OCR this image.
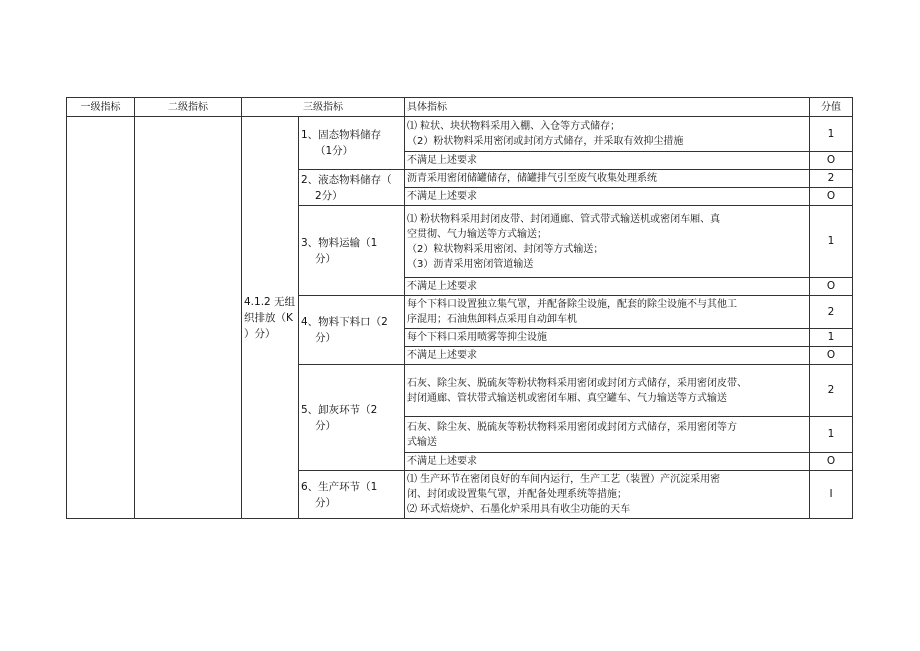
一级指标	二级指标	三级指标		具体指标	分值

		4.1.2 无组
织排放（K
）分）	1、固态物料储存
（1分）	⑴ 粒状、块状物料采用入棚、入仓等方式储存；
（2）粉状物料采用密闭或封闭方式储存，并采取有效抑尘措施	1

				不满足上述要求	O

			2、液态物料储存（
2分）	沥青采用密闭储罐储存，储罐排气引至废气收集处理系统	2

				不满足上述要求	O

			3、物料运输（1
分）	⑴ 粉状物料采用封闭皮带、封闭通廊、管式带式输送机或密闭车厢、真
空贯彻、气力输送等方式输送；
（2）粒状物料采用密闭、封闭等方式输送；
（3）沥青采用密闭管道输送	1

				不满足上述要求	O

			4、物料下料口（2
分）	每个下料口设置独立集气罩，并配备除尘设施，配套的除尘设施不与其他工
序混用；石油焦卸料点采用自动卸车机	2

				每个下料口采用喷雾等抑尘设施	1

				不满足上述要求	O

			5、卸灰环节（2
分）	石灰、除尘灰、脱硫灰等粉状物料采用密闭或封闭方式储存，采用密闭皮带、
封闭通廊、管状带式输送机或密闭车厢、真空罐车、气力输送等方式输送	2

				石灰、除尘灰、脱硫灰等粉状物料采用密闭或封闭方式储存，采用密闭等方
式输送	1

				不满足上述要求	O

			6、生产环节（1
分）	⑴ 生产环节在密闭良好的车间内运行，生产工艺（装置）产沉淀采用密
闭、封闭或设置集气罩，并配备处理系统等措施；
⑵ 环式焙烧炉、石墨化炉采用具有收尘功能的天车	I
